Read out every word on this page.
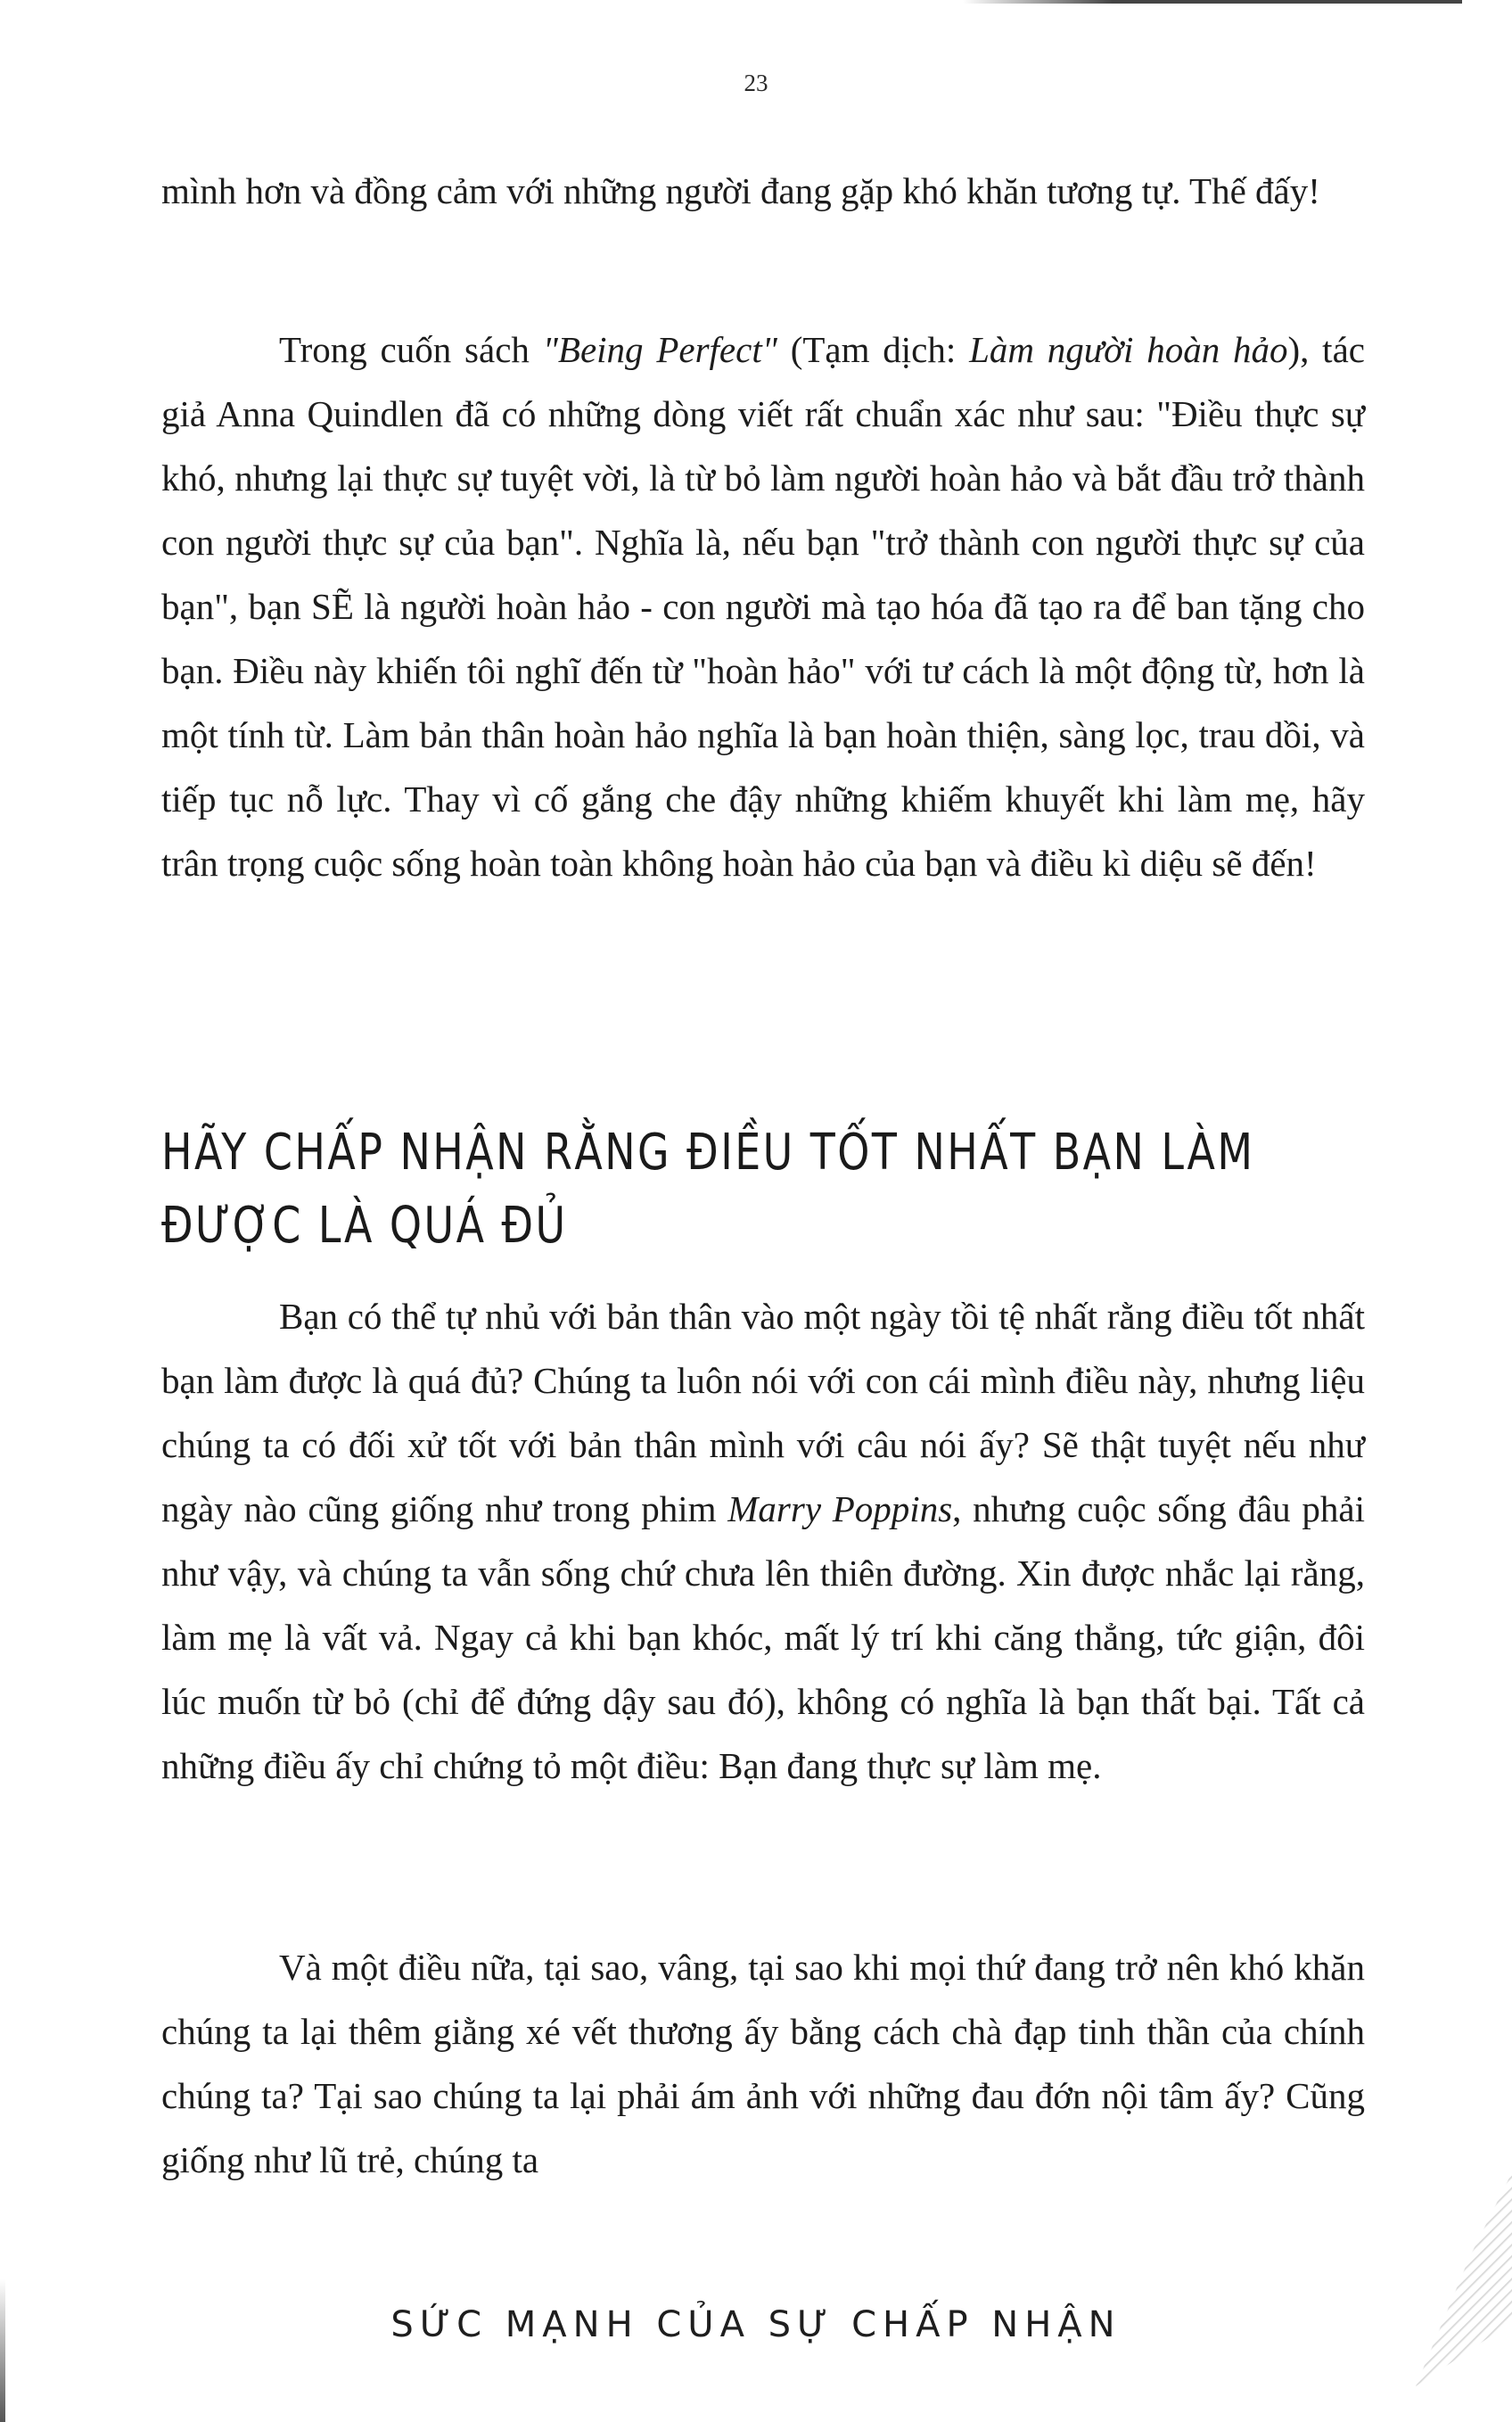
23

mình hơn và đồng cảm với những người đang gặp khó khăn tương tự. Thế đấy!

Trong cuốn sách "Being Perfect" (Tạm dịch: Làm người hoàn hảo), tác giả Anna Quindlen đã có những dòng viết rất chuẩn xác như sau: "Điều thực sự khó, nhưng lại thực sự tuyệt vời, là từ bỏ làm người hoàn hảo và bắt đầu trở thành con người thực sự của bạn". Nghĩa là, nếu bạn "trở thành con người thực sự của bạn", bạn SẼ là người hoàn hảo - con người mà tạo hóa đã tạo ra để ban tặng cho bạn. Điều này khiến tôi nghĩ đến từ "hoàn hảo" với tư cách là một động từ, hơn là một tính từ. Làm bản thân hoàn hảo nghĩa là bạn hoàn thiện, sàng lọc, trau dồi, và tiếp tục nỗ lực. Thay vì cố gắng che đậy những khiếm khuyết khi làm mẹ, hãy trân trọng cuộc sống hoàn toàn không hoàn hảo của bạn và điều kì diệu sẽ đến!

HÃY CHẤP NHẬN RẰNG ĐIỀU TỐT NHẤT BẠN LÀM
ĐƯỢC LÀ QUÁ ĐỦ

Bạn có thể tự nhủ với bản thân vào một ngày tồi tệ nhất rằng điều tốt nhất bạn làm được là quá đủ? Chúng ta luôn nói với con cái mình điều này, nhưng liệu chúng ta có đối xử tốt với bản thân mình với câu nói ấy? Sẽ thật tuyệt nếu như ngày nào cũng giống như trong phim Marry Poppins, nhưng cuộc sống đâu phải như vậy, và chúng ta vẫn sống chứ chưa lên thiên đường. Xin được nhắc lại rằng, làm mẹ là vất vả. Ngay cả khi bạn khóc, mất lý trí khi căng thẳng, tức giận, đôi lúc muốn từ bỏ (chỉ để đứng dậy sau đó), không có nghĩa là bạn thất bại. Tất cả những điều ấy chỉ chứng tỏ một điều: Bạn đang thực sự làm mẹ.

Và một điều nữa, tại sao, vâng, tại sao khi mọi thứ đang trở nên khó khăn chúng ta lại thêm giằng xé vết thương ấy bằng cách chà đạp tinh thần của chính chúng ta? Tại sao chúng ta lại phải ám ảnh với những đau đớn nội tâm ấy? Cũng giống như lũ trẻ, chúng ta

SỨC MẠNH CỦA SỰ CHẤP NHẬN
